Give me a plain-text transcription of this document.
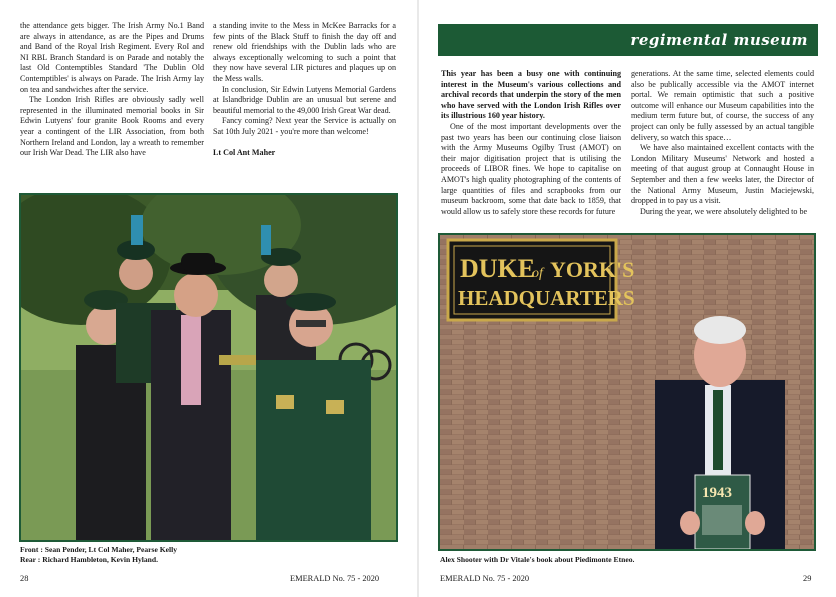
the attendance gets bigger. The Irish Army No.1 Band are always in attendance, as are the Pipes and Drums and Band of the Royal Irish Regiment. Every RoI and NI RBL Branch Standard is on Parade and notably the last Old Contemptibles Standard 'The Dublin Old Contemptibles' is always on Parade. The Irish Army lay on tea and sandwiches after the service.

The London Irish Rifles are obviously sadly well represented in the illuminated memorial books in Sir Edwin Lutyens' four granite Book Rooms and every year a contingent of the LIR Association, from both Northern Ireland and London, lay a wreath to remember our Irish War Dead. The LIR also have

a standing invite to the Mess in McKee Barracks for a few pints of the Black Stuff to finish the day off and renew old friendships with the Dublin lads who are always exceptionally welcoming to such a point that they now have several LIR pictures and plaques up on the Mess walls.

In conclusion, Sir Edwin Lutyens Memorial Gardens at Islandbridge Dublin are an unusual but serene and beautiful memorial to the 49,000 Irish Great War dead.

Fancy coming? Next year the Service is actually on Sat 10th July 2021 - you're more than welcome!

Lt Col Ant Maher

Front : Sean Pender, Lt Col Maher, Pearse Kelly
Rear : Richard Hambleton, Kevin Hyland.
28	EMERALD No. 75 - 2020
regimental museum

This year has been a busy one with continuing interest in the Museum's various collections and archival records that underpin the story of the men who have served with the London Irish Rifles over its illustrious 160 year history.

One of the most important developments over the past two years has been our continuing close liaison with the Army Museums Ogilby Trust (AMOT) on their major digitisation project that is utilising the proceeds of LIBOR fines. We hope to capitalise on AMOT's high quality photographing of the contents of large quantities of files and scrapbooks from our museum backroom, some that date back to 1859, that would allow us to safely store these records for future

generations. At the same time, selected elements could also be publically accessible via the AMOT internet portal. We remain optimistic that such a positive outcome will enhance our Museum capabilities into the medium term future but, of course, the success of any project can only be fully assessed by an actual tangible delivery, so watch this space…

We have also maintained excellent contacts with the London Military Museums' Network and hosted a meeting of that august group at Connaught House in September and then a few weeks later, the Director of the National Army Museum, Justin Maciejewski, dropped in to pay us a visit.

During the year, we were absolutely delighted to be

DUKE
of YORK'S
HEADQUARTERS
1943
Alex Shooter with Dr Vitale's book about Piedimonte Etneo.
EMERALD No. 75 - 2020	29
